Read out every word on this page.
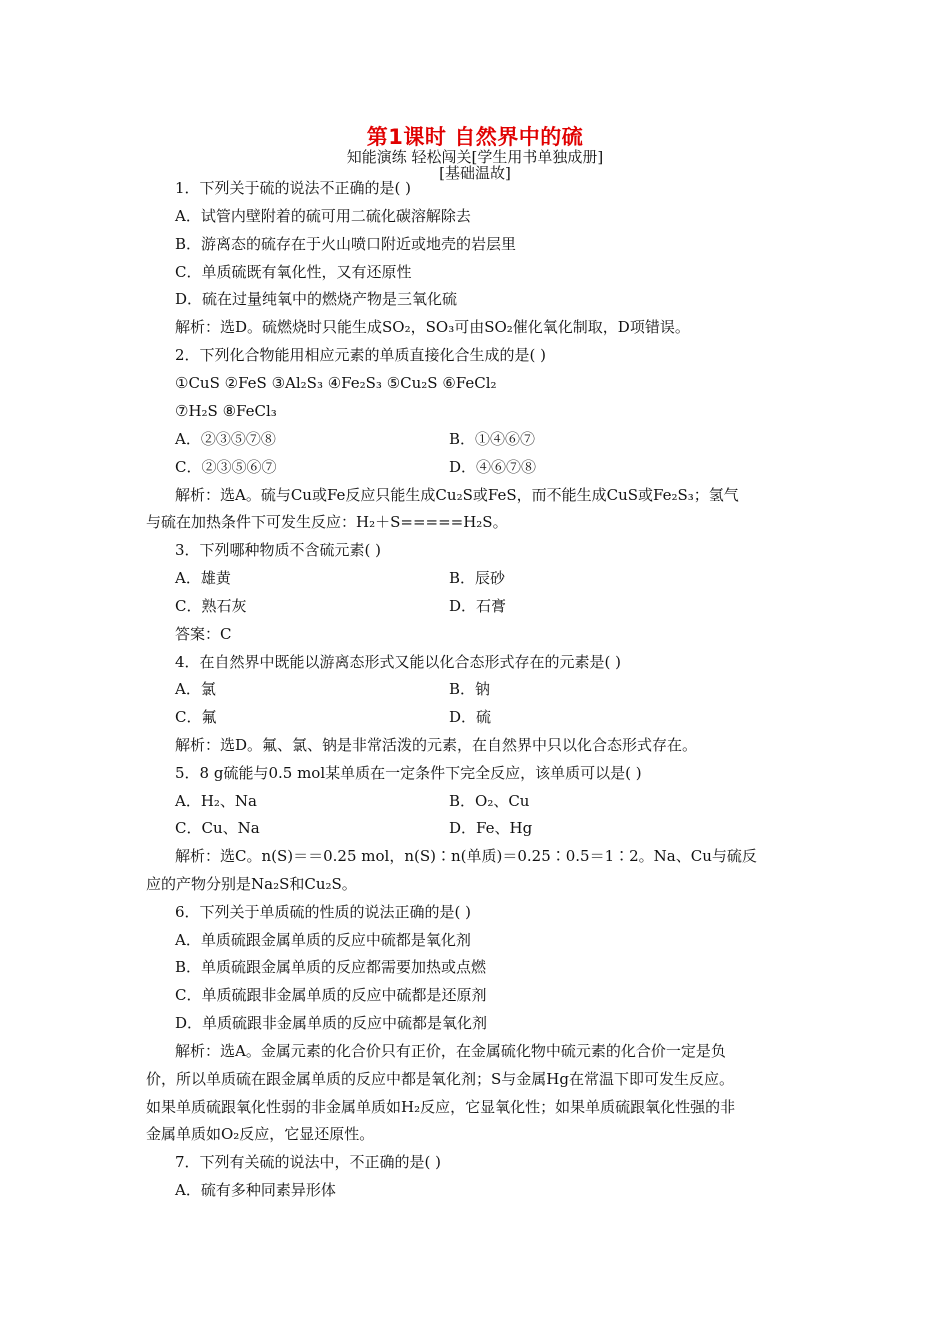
第1课时 自然界中的硫
知能演练 轻松闯关[学生用书单独成册]
[基础温故]
1．下列关于硫的说法不正确的是( )
A．试管内壁附着的硫可用二硫化碳溶解除去
B．游离态的硫存在于火山喷口附近或地壳的岩层里
C．单质硫既有氧化性，又有还原性
D．硫在过量纯氧中的燃烧产物是三氧化硫
解析：选D。硫燃烧时只能生成SO₂，SO₃可由SO₂催化氧化制取，D项错误。
2．下列化合物能用相应元素的单质直接化合生成的是( )
①CuS ②FeS ③Al₂S₃ ④Fe₂S₃ ⑤Cu₂S ⑥FeCl₂
⑦H₂S ⑧FeCl₃
A．②③⑤⑦⑧	B．①④⑥⑦
C．②③⑤⑥⑦	D．④⑥⑦⑧
解析：选A。硫与Cu或Fe反应只能生成Cu₂S或FeS，而不能生成CuS或Fe₂S₃；氢气
与硫在加热条件下可发生反应：H₂＋S=====H₂S。
3．下列哪种物质不含硫元素( )
A．雄黄	B．辰砂
C．熟石灰	D．石膏
答案：C
4．在自然界中既能以游离态形式又能以化合态形式存在的元素是( )
A．氯	B．钠
C．氟	D．硫
解析：选D。氟、氯、钠是非常活泼的元素，在自然界中只以化合态形式存在。
5．8 g硫能与0.5 mol某单质在一定条件下完全反应，该单质可以是( )
A．H₂、Na	B．O₂、Cu
C．Cu、Na	D．Fe、Hg
解析：选C。n(S)＝＝0.25 mol，n(S)∶n(单质)＝0.25∶0.5＝1∶2。Na、Cu与硫反
应的产物分别是Na₂S和Cu₂S。
6．下列关于单质硫的性质的说法正确的是( )
A．单质硫跟金属单质的反应中硫都是氧化剂
B．单质硫跟金属单质的反应都需要加热或点燃
C．单质硫跟非金属单质的反应中硫都是还原剂
D．单质硫跟非金属单质的反应中硫都是氧化剂
解析：选A。金属元素的化合价只有正价，在金属硫化物中硫元素的化合价一定是负
价，所以单质硫在跟金属单质的反应中都是氧化剂；S与金属Hg在常温下即可发生反应。
如果单质硫跟氧化性弱的非金属单质如H₂反应，它显氧化性；如果单质硫跟氧化性强的非
金属单质如O₂反应，它显还原性。
7．下列有关硫的说法中，不正确的是( )
A．硫有多种同素异形体
